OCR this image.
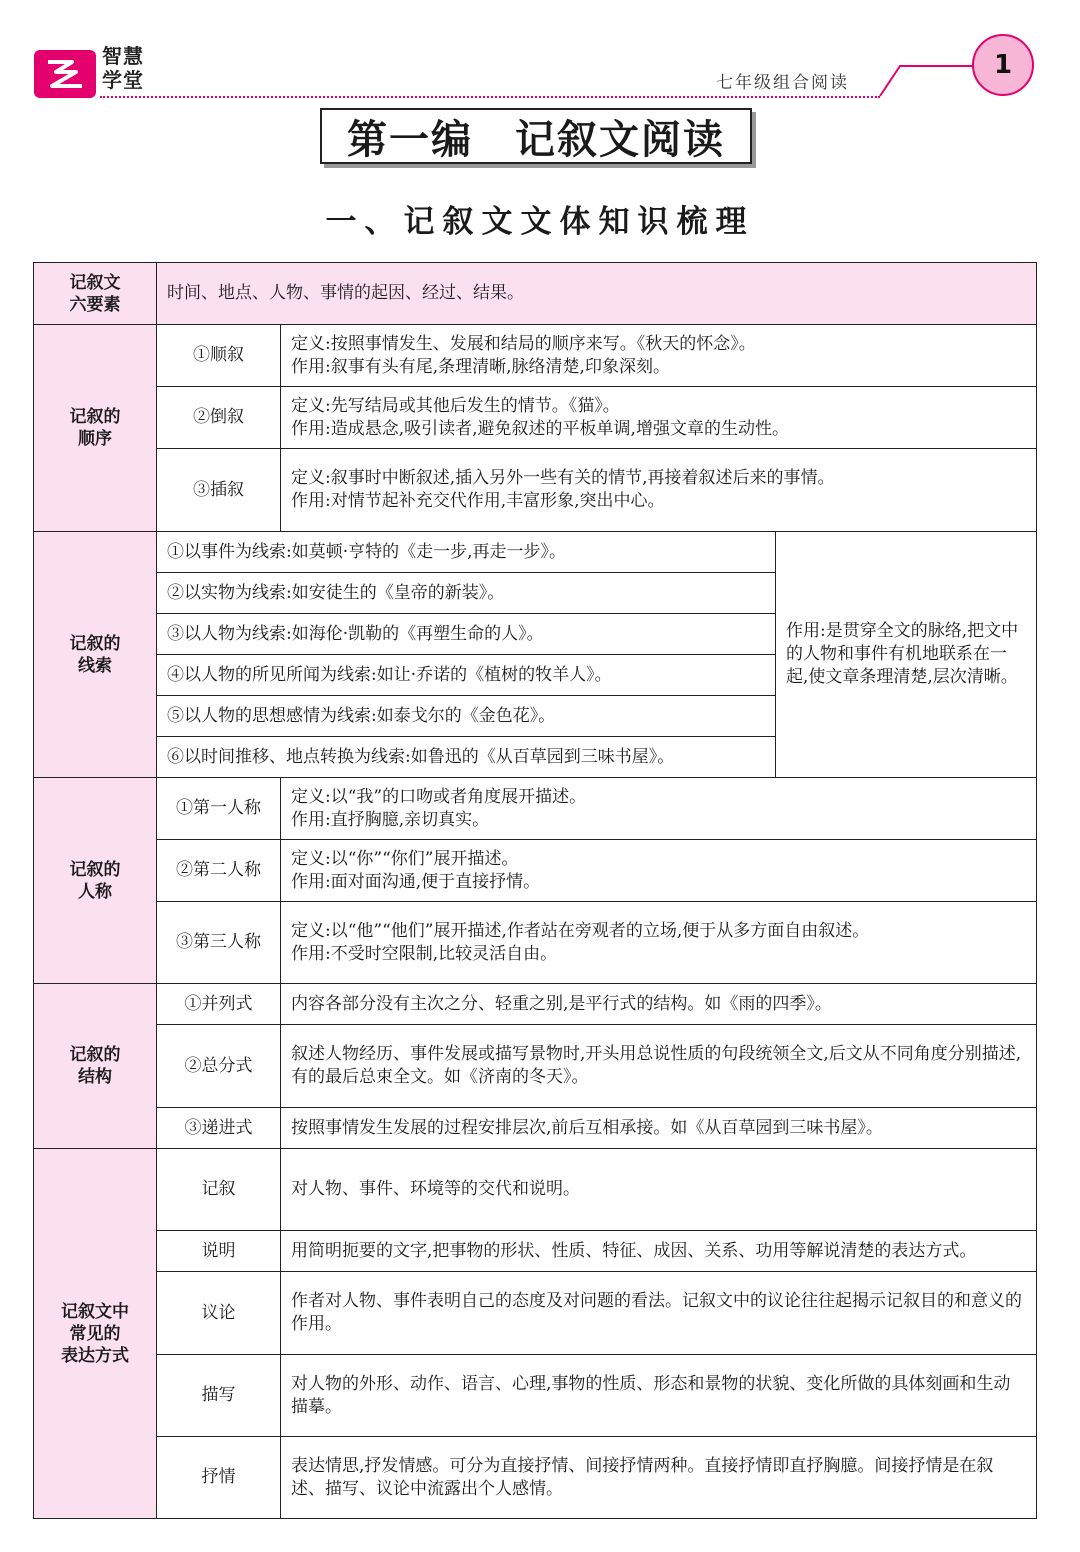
智慧
学堂	七年级组合阅读
1
第一编　记叙文阅读
一、记叙文文体知识梳理
记叙文
六要素	时间、地点、人物、事情的起因、经过、结果。		
记叙的
顺序	①顺叙	定义:按照事情发生、发展和结局的顺序来写。《秋天的怀念》。
作用:叙事有头有尾,条理清晰,脉络清楚,印象深刻。	

	②倒叙	定义:先写结局或其他后发生的情节。《猫》。
作用:造成悬念,吸引读者,避免叙述的平板单调,增强文章的生动性。	

	③插叙	定义:叙事时中断叙述,插入另外一些有关的情节,再接着叙述后来的事情。
作用:对情节起补充交代作用,丰富形象,突出中心。	

记叙的
线索	①以事件为线索:如莫顿·亨特的《走一步,再走一步》。		作用:是贯穿全文的脉络,把文中的人物和事件有机地联系在一起,使文章条理清楚,层次清晰。
	②以实物为线索:如安徒生的《皇帝的新装》。		
	③以人物为线索:如海伦·凯勒的《再塑生命的人》。		
	④以人物的所见所闻为线索:如让·乔诺的《植树的牧羊人》。		
	⑤以人物的思想感情为线索:如泰戈尔的《金色花》。		
	⑥以时间推移、地点转换为线索:如鲁迅的《从百草园到三味书屋》。		
记叙的
人称	①第一人称	定义:以“我”的口吻或者角度展开描述。
作用:直抒胸臆,亲切真实。	

	②第二人称	定义:以“你”“你们”展开描述。
作用:面对面沟通,便于直接抒情。	

	③第三人称	定义:以“他”“他们”展开描述,作者站在旁观者的立场,便于从多方面自由叙述。
作用:不受时空限制,比较灵活自由。	

记叙的
结构	①并列式	内容各部分没有主次之分、轻重之别,是平行式的结构。如《雨的四季》。	
	②总分式	叙述人物经历、事件发展或描写景物时,开头用总说性质的句段统领全文,后文从不同角度分别描述,有的最后总束全文。如《济南的冬天》。	
	③递进式	按照事情发生发展的过程安排层次,前后互相承接。如《从百草园到三味书屋》。	
记叙文中
常见的
表达方式	记叙	对人物、事件、环境等的交代和说明。	
	说明	用简明扼要的文字,把事物的形状、性质、特征、成因、关系、功用等解说清楚的表达方式。	
	议论	作者对人物、事件表明自己的态度及对问题的看法。记叙文中的议论往往起揭示记叙目的和意义的作用。	
	描写	对人物的外形、动作、语言、心理,事物的性质、形态和景物的状貌、变化所做的具体刻画和生动描摹。	
	抒情	表达情思,抒发情感。可分为直接抒情、间接抒情两种。直接抒情即直抒胸臆。间接抒情是在叙述、描写、议论中流露出个人感情。	
